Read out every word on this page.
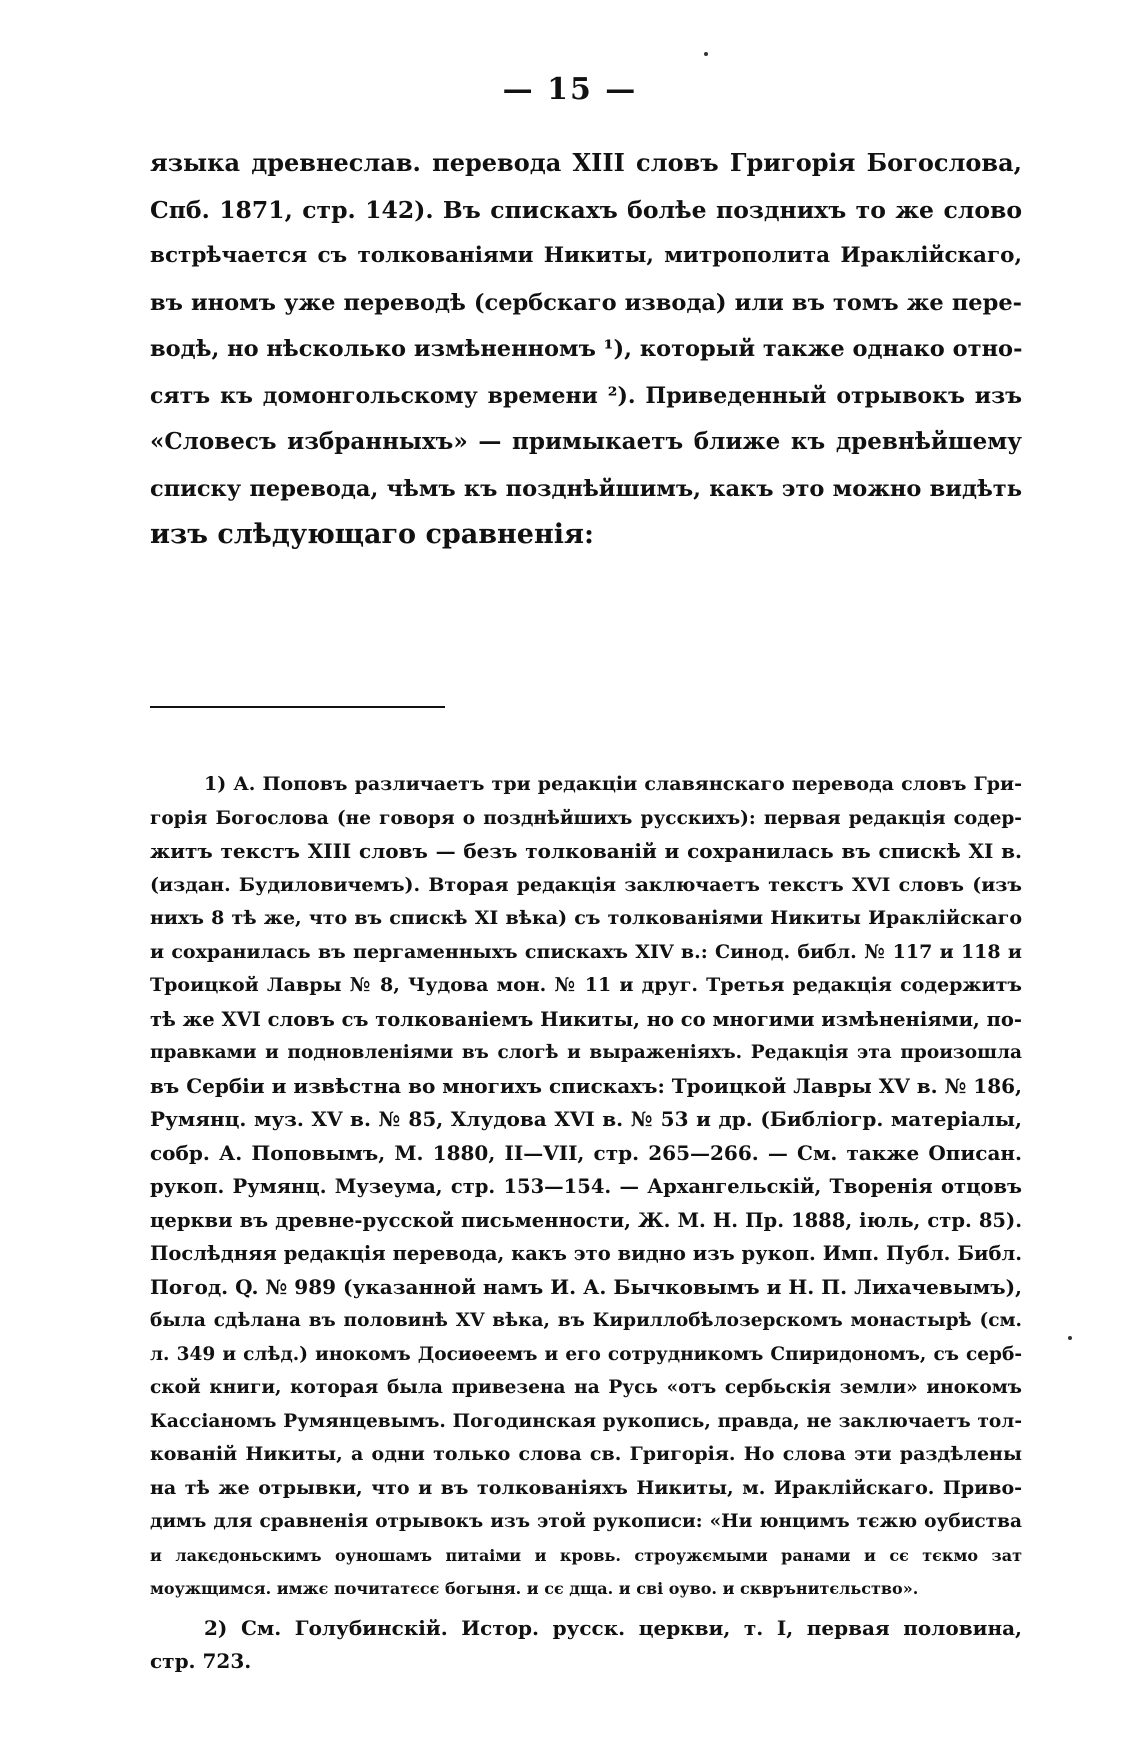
— 15 —
языка древнеслав. перевода XIII словъ Григорія Богослова,
Спб. 1871, стр. 142). Въ спискахъ болѣе позднихъ то же слово
встрѣчается съ толкованіями Никиты, митрополита Ираклійскаго,
въ иномъ уже переводѣ (сербскаго извода) или въ томъ же пере-
водѣ, но нѣсколько измѣненномъ ¹), который также однако отно-
сятъ къ домонгольскому времени ²). Приведенный отрывокъ изъ
«Словесъ избранныхъ» — примыкаетъ ближе къ древнѣйшему
списку перевода, чѣмъ къ позднѣйшимъ, какъ это можно видѣть
изъ слѣдующаго сравненія:
1) А. Поповъ различаетъ три редакціи славянскаго перевода словъ Гри-
горія Богослова (не говоря о позднѣйшихъ русскихъ): первая редакція содер-
житъ текстъ XIII словъ — безъ толкованій и сохранилась въ спискѣ XI в.
(издан. Будиловичемъ). Вторая редакція заключаетъ текстъ XVI словъ (изъ
нихъ 8 тѣ же, что въ спискѣ XI вѣка) съ толкованіями Никиты Ираклійскаго
и сохранилась въ пергаменныхъ спискахъ XIV в.: Синод. библ. № 117 и 118 и
Троицкой Лавры № 8, Чудова мон. № 11 и друг. Третья редакція содержитъ
тѣ же XVI словъ съ толкованіемъ Никиты, но со многими измѣненіями, по-
правками и подновленіями въ слогѣ и выраженіяхъ. Редакція эта произошла
въ Сербіи и извѣстна во многихъ спискахъ: Троицкой Лавры XV в. № 186,
Румянц. муз. XV в. № 85, Хлудова XVI в. № 53 и др. (Библіогр. матеріалы,
собр. А. Поповымъ, М. 1880, II—VII, стр. 265—266. — См. также Описан.
рукоп. Румянц. Музеума, стр. 153—154. — Архангельскій, Творенія отцовъ
церкви въ древне-русской письменности, Ж. М. Н. Пр. 1888, іюль, стр. 85).
Послѣдняя редакція перевода, какъ это видно изъ рукоп. Имп. Публ. Библ.
Погод. Q. № 989 (указанной намъ И. А. Бычковымъ и Н. П. Лихачевымъ),
была сдѣлана въ половинѣ XV вѣка, въ Кириллобѣлозерскомъ монастырѣ (см.
л. 349 и слѣд.) инокомъ Досиѳеемъ и его сотрудникомъ Спиридономъ, съ серб-
ской книги, которая была привезена на Русь «отъ сербьскія земли» инокомъ
Кассіаномъ Румянцевымъ. Погодинская рукопись, правда, не заключаетъ тол-
кованій Никиты, а одни только слова св. Григорія. Но слова эти раздѣлены
на тѣ же отрывки, что и въ толкованіяхъ Никиты, м. Ираклійскаго. Приво-
димъ для сравненія отрывокъ изъ этой рукописи: «Ни юнцимъ тєжю оубиства
и лакєдоньскимъ оуношамъ питаіми и кровь. строужємыми ранами и сє тєкмо зат
моужщимся. имжє почитатєсє богыня. и сє дщa. и сві оуво. и скврънитєльство».
2) См. Голубинскій. Истор. русск. церкви, т. I, первая половина,
стр. 723.
